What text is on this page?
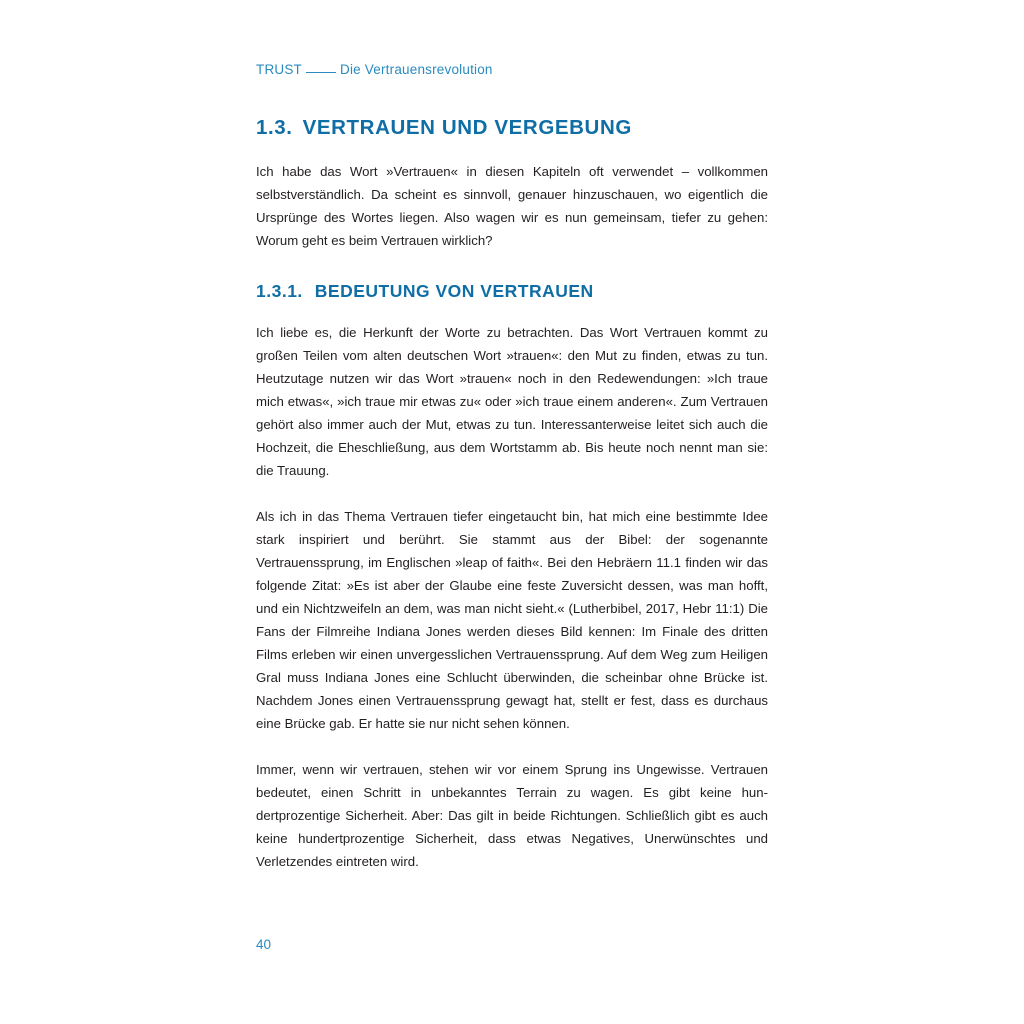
TRUST	Die Vertrauensrevolution
1.3. VERTRAUEN UND VERGEBUNG

Ich habe das Wort »Vertrauen« in diesen Kapiteln oft verwendet – vollkommen selbstverständlich. Da scheint es sinnvoll, genauer hinzuschauen, wo eigentlich die Ursprünge des Wortes liegen. Also wagen wir es nun gemeinsam, tiefer zu gehen: Worum geht es beim Vertrauen wirklich?

1.3.1. BEDEUTUNG VON VERTRAUEN

Ich liebe es, die Herkunft der Worte zu betrachten. Das Wort Vertrauen kommt zu großen Teilen vom alten deutschen Wort »trauen«: den Mut zu finden, etwas zu tun. Heutzutage nutzen wir das Wort »trauen« noch in den Redewendungen: »Ich traue mich etwas«, »ich traue mir etwas zu« oder »ich traue einem anderen«. Zum Vertrauen gehört also immer auch der Mut, etwas zu tun. Interessanterweise leitet sich auch die Hochzeit, die Eheschließung, aus dem Wortstamm ab. Bis heute noch nennt man sie: die Trauung.

Als ich in das Thema Vertrauen tiefer eingetaucht bin, hat mich eine bestimmte Idee stark inspiriert und berührt. Sie stammt aus der Bibel: der sogenannte Vertrauenssprung, im Englischen »leap of faith«. Bei den Hebräern 11.1 finden wir das folgende Zitat: »Es ist aber der Glaube eine feste Zuversicht dessen, was man hofft, und ein Nichtzweifeln an dem, was man nicht sieht.« (Lutherbibel, 2017, Hebr 11:1) Die Fans der Filmreihe Indiana Jones werden dieses Bild kennen: Im Finale des dritten Films erleben wir einen unvergesslichen Vertrauenssprung. Auf dem Weg zum Heiligen Gral muss Indiana Jones eine Schlucht überwinden, die scheinbar ohne Brücke ist. Nachdem Jones einen Vertrauenssprung gewagt hat, stellt er fest, dass es durchaus eine Brücke gab. Er hatte sie nur nicht sehen können.

Immer, wenn wir vertrauen, stehen wir vor einem Sprung ins Ungewisse. Vertrauen bedeutet, einen Schritt in unbekanntes Terrain zu wagen. Es gibt keine hundertprozentige Sicherheit. Aber: Das gilt in beide Richtungen. Schließlich gibt es auch keine hundertprozentige Sicherheit, dass etwas Negatives, Unerwünschtes und Verletzendes eintreten wird.

40
